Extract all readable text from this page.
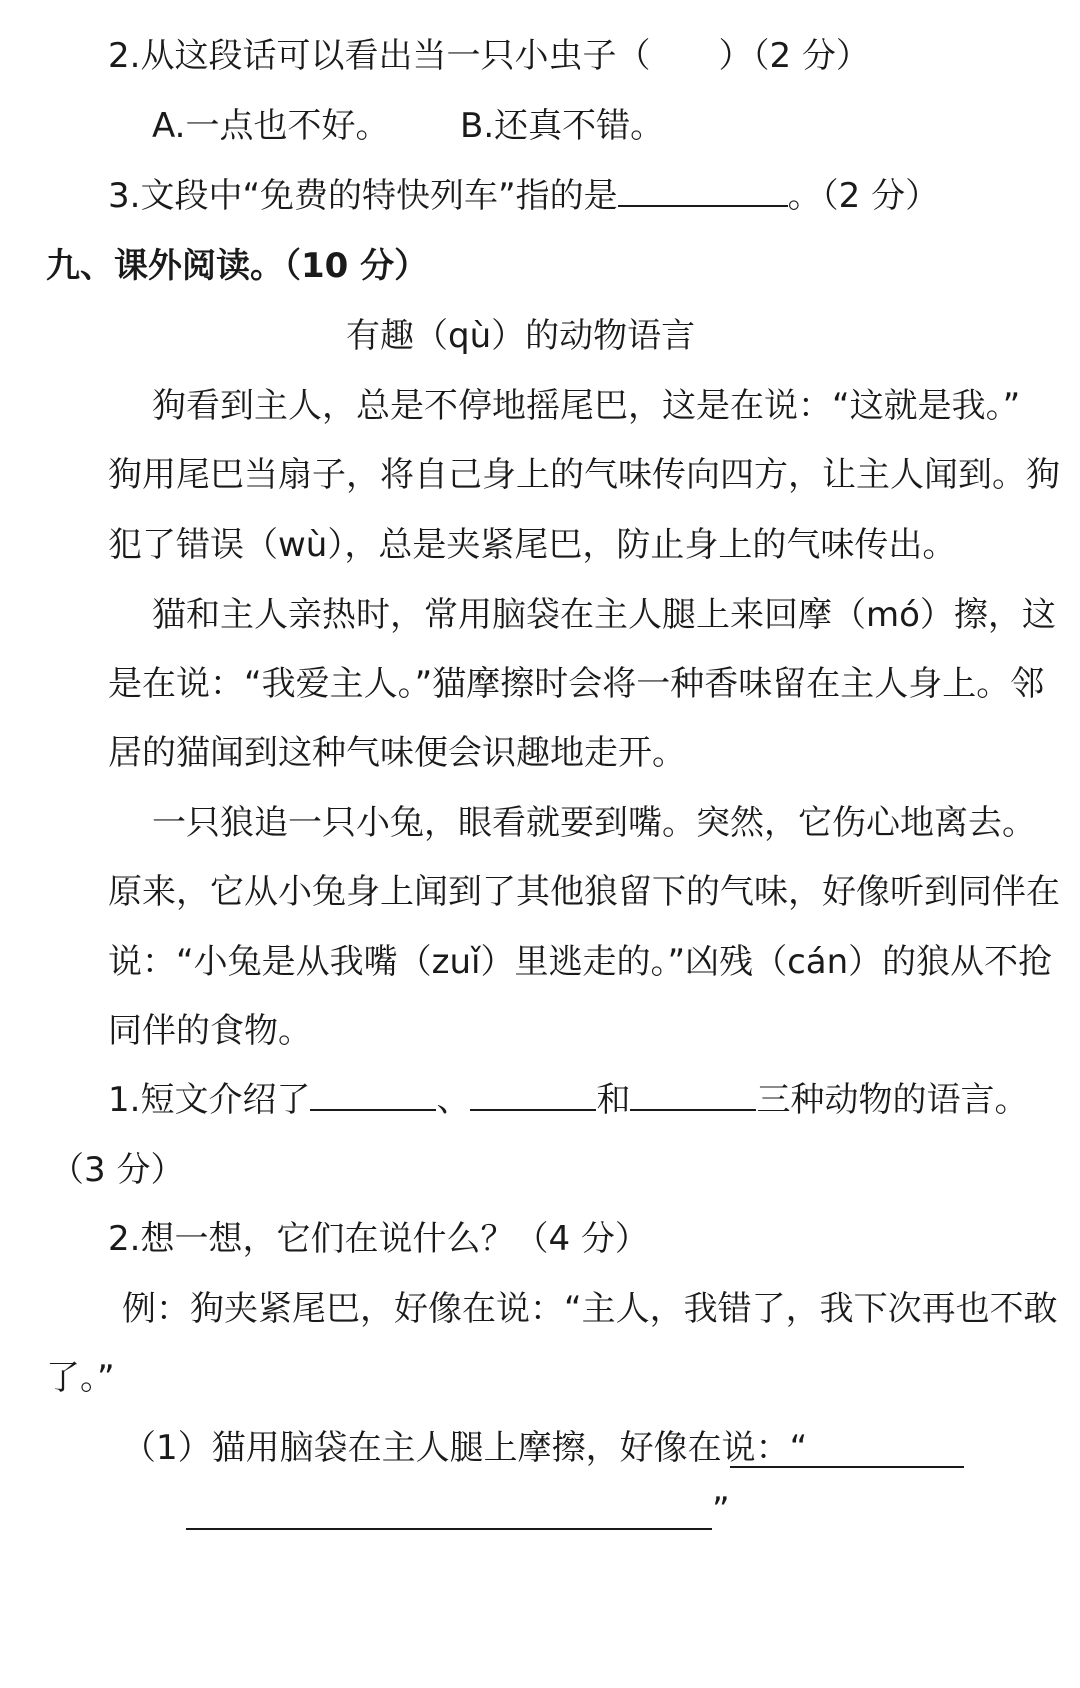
2.从这段话可以看出当一只小虫子（　　）（2 分）
A.一点也不好。 B.还真不错。
3.文段中“免费的特快列车”指的是	。（2 分）
九、课外阅读。（10 分）
有趣（qù）的动物语言
狗看到主人，总是不停地摇尾巴，这是在说：“这就是我。”
狗用尾巴当扇子，将自己身上的气味传向四方，让主人闻到。狗
犯了错误（wù），总是夹紧尾巴，防止身上的气味传出。
猫和主人亲热时，常用脑袋在主人腿上来回摩（mó）擦，这
是在说：“我爱主人。”猫摩擦时会将一种香味留在主人身上。邻
居的猫闻到这种气味便会识趣地走开。
一只狼追一只小兔，眼看就要到嘴。突然，它伤心地离去。
原来，它从小兔身上闻到了其他狼留下的气味，好像听到同伴在
说：“小兔是从我嘴（zuǐ）里逃走的。”凶残（cán）的狼从不抢
同伴的食物。
1.短文介绍了	、	和	三种动物的语言。
（3 分）
2.想一想，它们在说什么？（4 分）
例：狗夹紧尾巴，好像在说：“主人，我错了，我下次再也不敢
了。”
（1）猫用脑袋在主人腿上摩擦，好像在说：“
”
